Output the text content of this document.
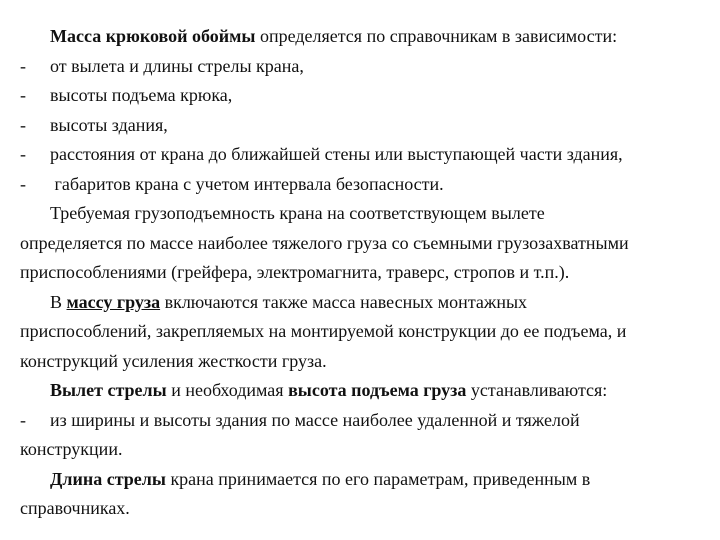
Масса крюковой обоймы определяется по справочникам в зависимости:
-	от вылета и длины стрелы крана,
-	высоты подъема крюка,
-	высоты здания,
-	расстояния от крана до ближайшей стены или выступающей части здания,
-	габаритов крана с учетом интервала безопасности.
Требуемая грузоподъемность крана на соответствующем вылете
определяется по массе наиболее тяжелого груза со съемными грузозахватными
приспособлениями (грейфера, электромагнита, траверс, стропов и т.п.).
В массу груза включаются также масса навесных монтажных
приспособлений, закрепляемых на монтируемой конструкции до ее подъема, и
конструкций усиления жесткости груза.
Вылет стрелы и необходимая высота подъема груза устанавливаются:
-	из ширины и высоты здания по массе наиболее удаленной и тяжелой
конструкции.
Длина стрелы крана принимается по его параметрам, приведенным в
справочниках.
